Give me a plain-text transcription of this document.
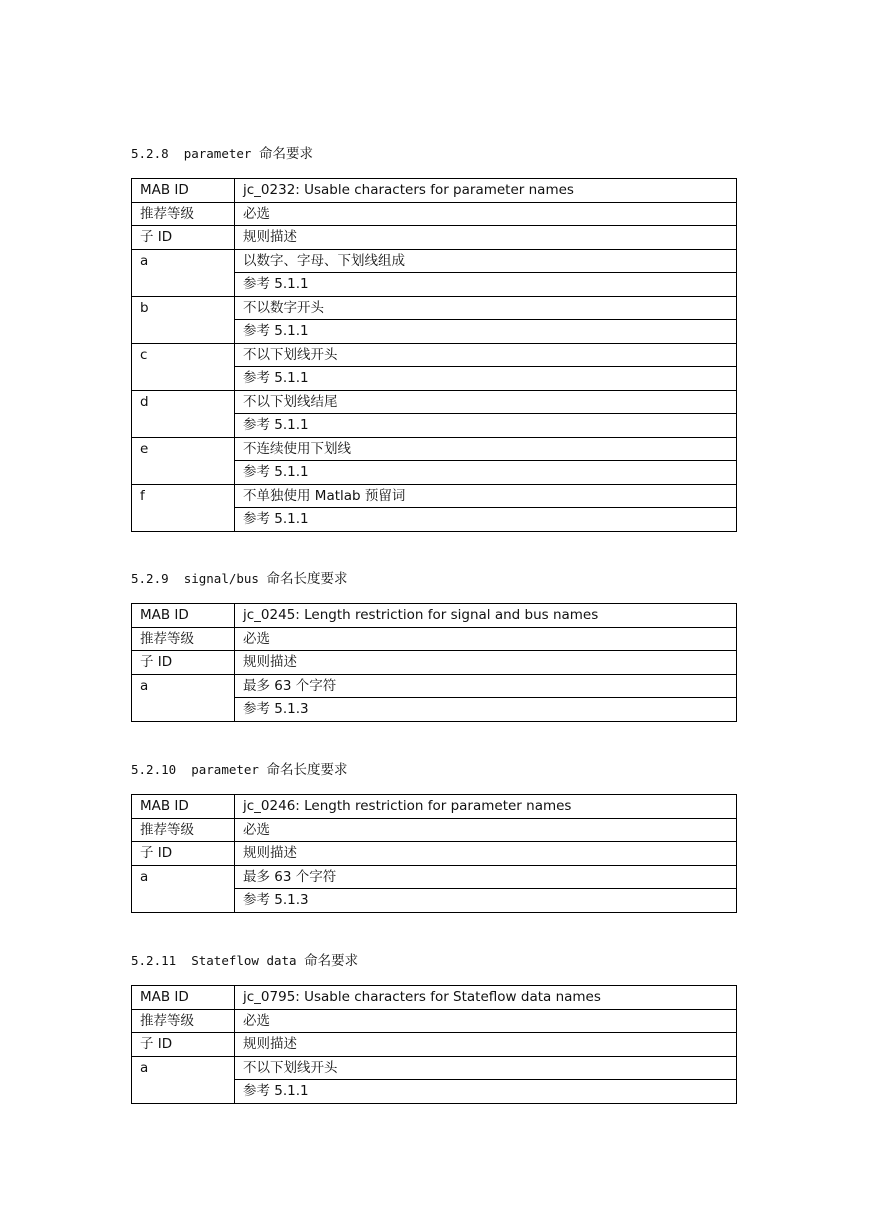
5.2.8 parameter 命名要求
MAB ID	jc_0232: Usable characters for parameter names
推荐等级	必选
子 ID	规则描述
a	以数字、字母、下划线组成
	参考 5.1.1
b	不以数字开头
	参考 5.1.1
c	不以下划线开头
	参考 5.1.1
d	不以下划线结尾
	参考 5.1.1
e	不连续使用下划线
	参考 5.1.1
f	不单独使用 Matlab 预留词
	参考 5.1.1
5.2.9 signal/bus 命名长度要求
MAB ID	jc_0245: Length restriction for signal and bus names
推荐等级	必选
子 ID	规则描述
a	最多 63 个字符
	参考 5.1.3
5.2.10 parameter 命名长度要求
MAB ID	jc_0246: Length restriction for parameter names
推荐等级	必选
子 ID	规则描述
a	最多 63 个字符
	参考 5.1.3
5.2.11 Stateflow data 命名要求
MAB ID	jc_0795: Usable characters for Stateflow data names
推荐等级	必选
子 ID	规则描述
a	不以下划线开头
	参考 5.1.1
